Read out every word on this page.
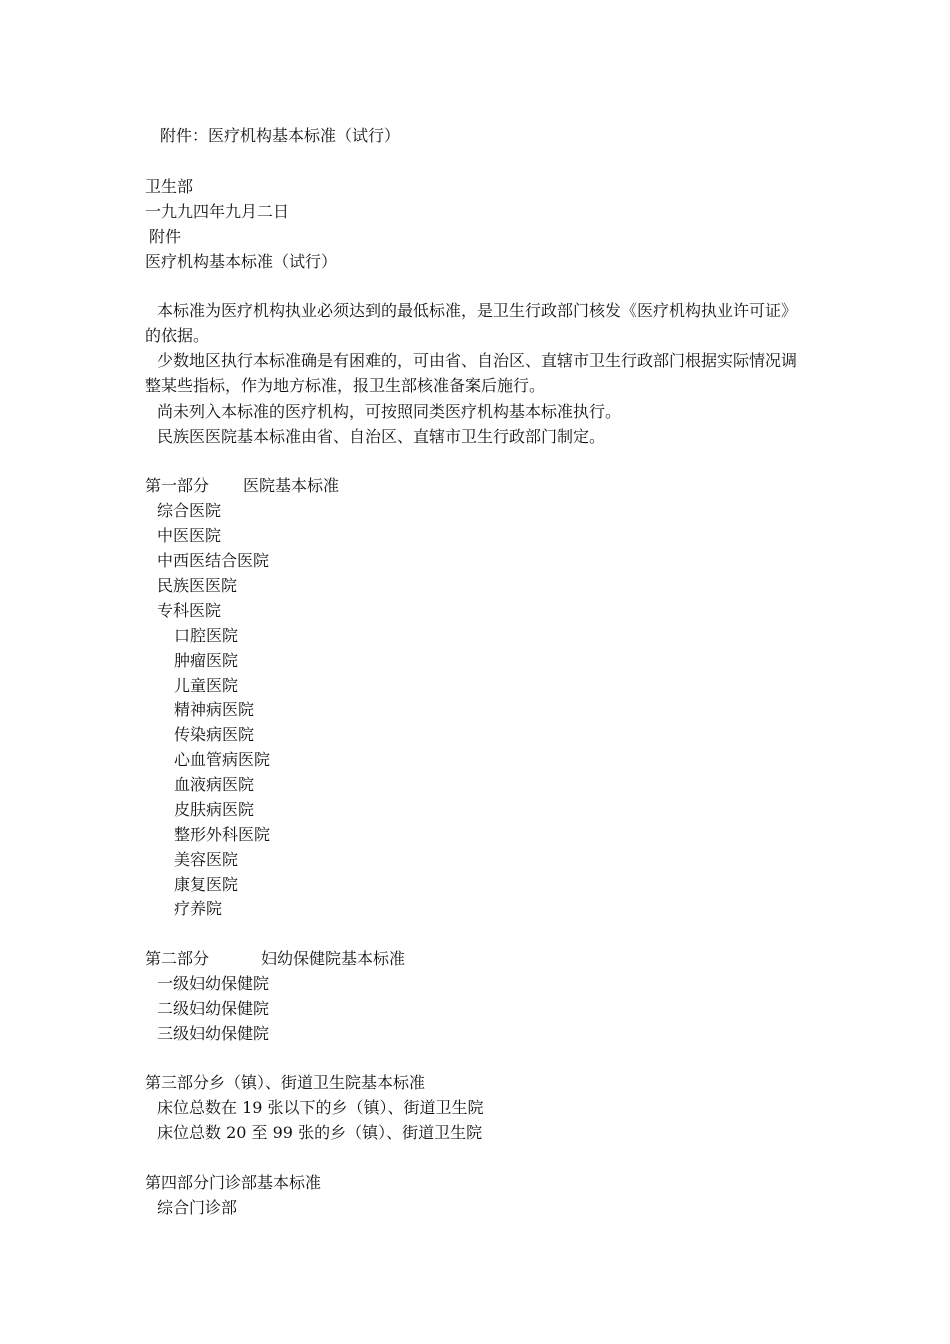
附件：医疗机构基本标准（试行）
卫生部
一九九四年九月二日
附件
医疗机构基本标准（试行）
本标准为医疗机构执业必须达到的最低标准，是卫生行政部门核发《医疗机构执业许可证》的依据。
少数地区执行本标准确是有困难的，可由省、自治区、直辖市卫生行政部门根据实际情况调整某些指标，作为地方标准，报卫生部核准备案后施行。
尚未列入本标准的医疗机构，可按照同类医疗机构基本标准执行。
民族医医院基本标准由省、自治区、直辖市卫生行政部门制定。
第一部分 医院基本标准
综合医院
中医医院
中西医结合医院
民族医医院
专科医院
口腔医院
肿瘤医院
儿童医院
精神病医院
传染病医院
心血管病医院
血液病医院
皮肤病医院
整形外科医院
美容医院
康复医院
疗养院
第二部分	妇幼保健院基本标准
一级妇幼保健院
二级妇幼保健院
三级妇幼保健院
第三部分乡（镇）、街道卫生院基本标准
床位总数在 19 张以下的乡（镇）、街道卫生院
床位总数 20 至 99 张的乡（镇）、街道卫生院
第四部分门诊部基本标准
综合门诊部
